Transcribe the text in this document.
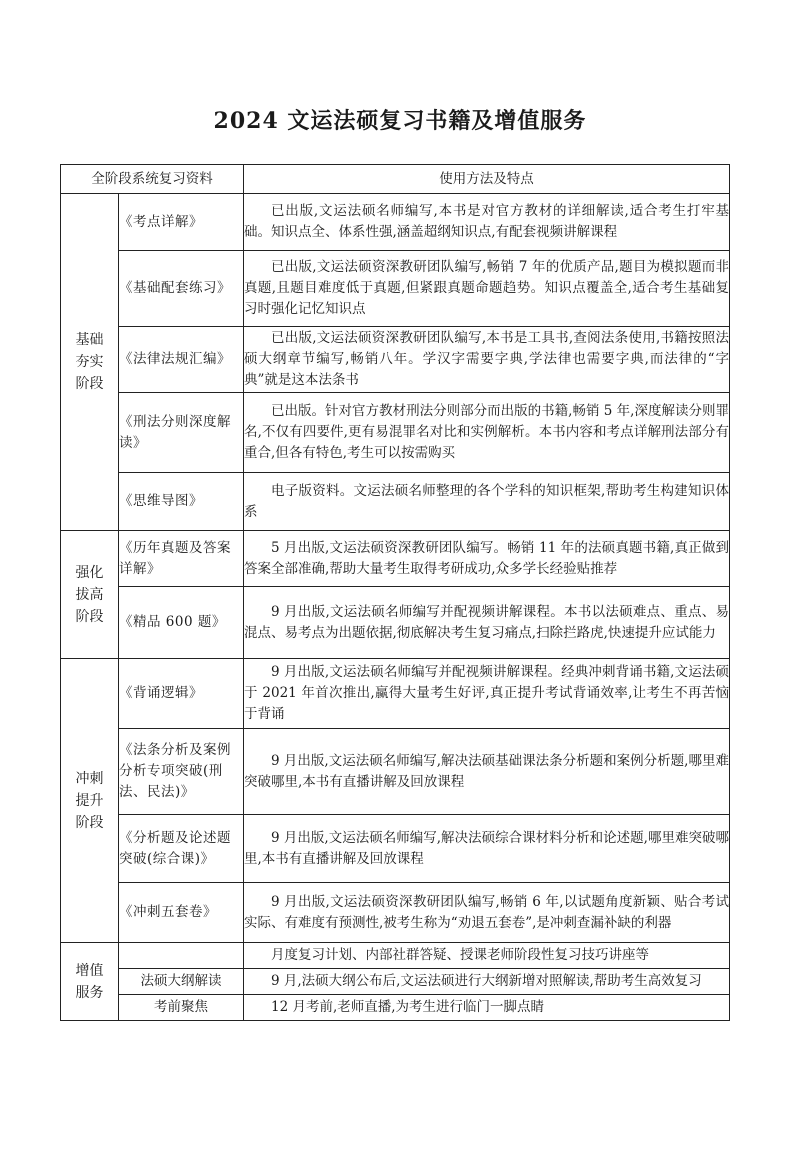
2024 文运法硕复习书籍及增值服务
全阶段系统复习资料		使用方法及特点

基础
夯实
阶段	《考点详解》	已出版,文运法硕名师编写,本书是对官方教材的详细解读,适合考生打牢基础。知识点全、体系性强,涵盖超纲知识点,有配套视频讲解课程
	《基础配套练习》	已出版,文运法硕资深教研团队编写,畅销 7 年的优质产品,题目为模拟题而非真题,且题目难度低于真题,但紧跟真题命题趋势。知识点覆盖全,适合考生基础复习时强化记忆知识点
	《法律法规汇编》	已出版,文运法硕资深教研团队编写,本书是工具书,查阅法条使用,书籍按照法硕大纲章节编写,畅销八年。学汉字需要字典,学法律也需要字典,而法律的“字典”就是这本法条书
	《刑法分则深度解读》	已出版。针对官方教材刑法分则部分而出版的书籍,畅销 5 年,深度解读分则罪名,不仅有四要件,更有易混罪名对比和实例解析。本书内容和考点详解刑法部分有重合,但各有特色,考生可以按需购买
	《思维导图》	电子版资料。文运法硕名师整理的各个学科的知识框架,帮助考生构建知识体系

强化
拔高
阶段	《历年真题及答案详解》	5 月出版,文运法硕资深教研团队编写。畅销 11 年的法硕真题书籍,真正做到答案全部准确,帮助大量考生取得考研成功,众多学长经验贴推荐
	《精品 600 题》	9 月出版,文运法硕名师编写并配视频讲解课程。本书以法硕难点、重点、易混点、易考点为出题依据,彻底解决考生复习痛点,扫除拦路虎,快速提升应试能力

冲刺
提升
阶段	《背诵逻辑》	9 月出版,文运法硕名师编写并配视频讲解课程。经典冲刺背诵书籍,文运法硕于 2021 年首次推出,赢得大量考生好评,真正提升考试背诵效率,让考生不再苦恼于背诵
	《法条分析及案例分析专项突破(刑法、民法)》	9 月出版,文运法硕名师编写,解决法硕基础课法条分析题和案例分析题,哪里难突破哪里,本书有直播讲解及回放课程
	《分析题及论述题突破(综合课)》	9 月出版,文运法硕名师编写,解决法硕综合课材料分析和论述题,哪里难突破哪里,本书有直播讲解及回放课程
	《冲刺五套卷》	9 月出版,文运法硕资深教研团队编写,畅销 6 年,以试题角度新颖、贴合考试实际、有难度有预测性,被考生称为“劝退五套卷”,是冲刺查漏补缺的利器

增值
服务		月度复习计划、内部社群答疑、授课老师阶段性复习技巧讲座等
	法硕大纲解读	9 月,法硕大纲公布后,文运法硕进行大纲新增对照解读,帮助考生高效复习
	考前聚焦	12 月考前,老师直播,为考生进行临门一脚点睛
